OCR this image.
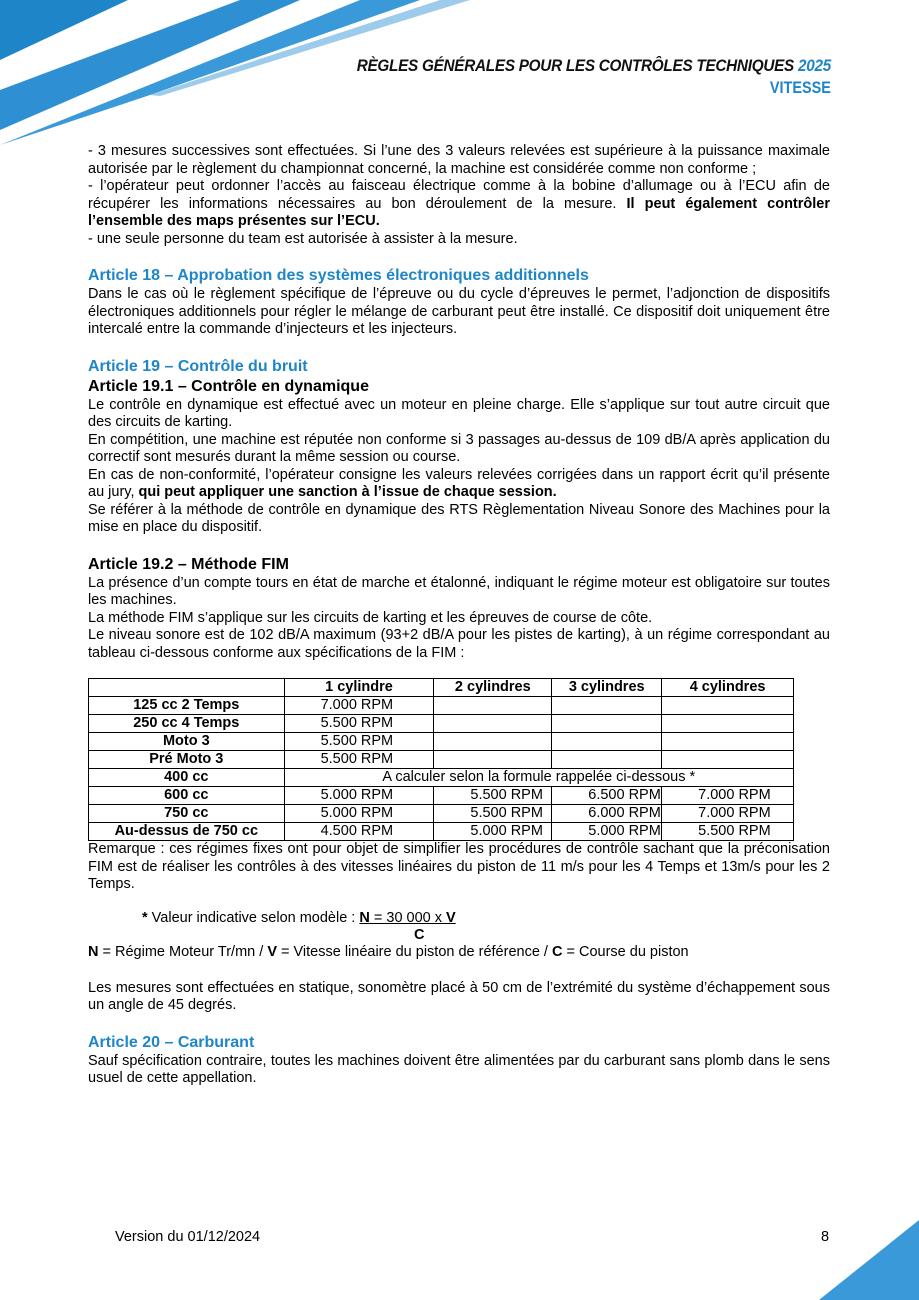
RÈGLES GÉNÉRALES POUR LES CONTRÔLES TECHNIQUES 2025
VITESSE

- 3 mesures successives sont effectuées. Si l’une des 3 valeurs relevées est supérieure à la puissance maximale autorisée par le règlement du championnat concerné, la machine est considérée comme non conforme ;

- l’opérateur peut ordonner l’accès au faisceau électrique comme à la bobine d’allumage ou à l’ECU afin de récupérer les informations nécessaires au bon déroulement de la mesure. Il peut également contrôler l’ensemble des maps présentes sur l’ECU.

- une seule personne du team est autorisée à assister à la mesure.

Article 18 – Approbation des systèmes électroniques additionnels

Dans le cas où le règlement spécifique de l’épreuve ou du cycle d’épreuves le permet, l’adjonction de dispositifs électroniques additionnels pour régler le mélange de carburant peut être installé. Ce dispositif doit uniquement être intercalé entre la commande d’injecteurs et les injecteurs.

Article 19 – Contrôle du bruit
Article 19.1 – Contrôle en dynamique

Le contrôle en dynamique est effectué avec un moteur en pleine charge. Elle s’applique sur tout autre circuit que des circuits de karting.

En compétition, une machine est réputée non conforme si 3 passages au-dessus de 109 dB/A après application du correctif sont mesurés durant la même session ou course.

En cas de non-conformité, l’opérateur consigne les valeurs relevées corrigées dans un rapport écrit qu’il présente au jury, qui peut appliquer une sanction à l’issue de chaque session.

Se référer à la méthode de contrôle en dynamique des RTS Règlementation Niveau Sonore des Machines pour la mise en place du dispositif.

Article 19.2 – Méthode FIM

La présence d’un compte tours en état de marche et étalonné, indiquant le régime moteur est obligatoire sur toutes les machines.

La méthode FIM s’applique sur les circuits de karting et les épreuves de course de côte.

Le niveau sonore est de 102 dB/A maximum (93+2 dB/A pour les pistes de karting), à un régime correspondant au tableau ci-dessous conforme aux spécifications de la FIM :

	1 cylindre	2 cylindres	3 cylindres	4 cylindres
125 cc 2 Temps	7.000 RPM			
250 cc 4 Temps	5.500 RPM			
Moto 3	5.500 RPM			
Pré Moto 3	5.500 RPM			
400 cc	A calculer selon la formule rappelée ci-dessous *			
600 cc	5.000 RPM	5.500 RPM	6.500 RPM	7.000 RPM
750 cc	5.000 RPM	5.500 RPM	6.000 RPM	7.000 RPM
Au-dessus de 750 cc	4.500 RPM	5.000 RPM	5.000 RPM	5.500 RPM

Remarque : ces régimes fixes ont pour objet de simplifier les procédures de contrôle sachant que la préconisation FIM est de réaliser les contrôles à des vitesses linéaires du piston de 11 m/s pour les 4 Temps et 13m/s pour les 2 Temps.

* Valeur indicative selon modèle : N = 30 000 x V
C

N = Régime Moteur Tr/mn / V = Vitesse linéaire du piston de référence / C = Course du piston

Les mesures sont effectuées en statique, sonomètre placé à 50 cm de l’extrémité du système d’échappement sous un angle de 45 degrés.

Article 20 – Carburant

Sauf spécification contraire, toutes les machines doivent être alimentées par du carburant sans plomb dans le sens usuel de cette appellation.

Version du 01/12/2024	8
